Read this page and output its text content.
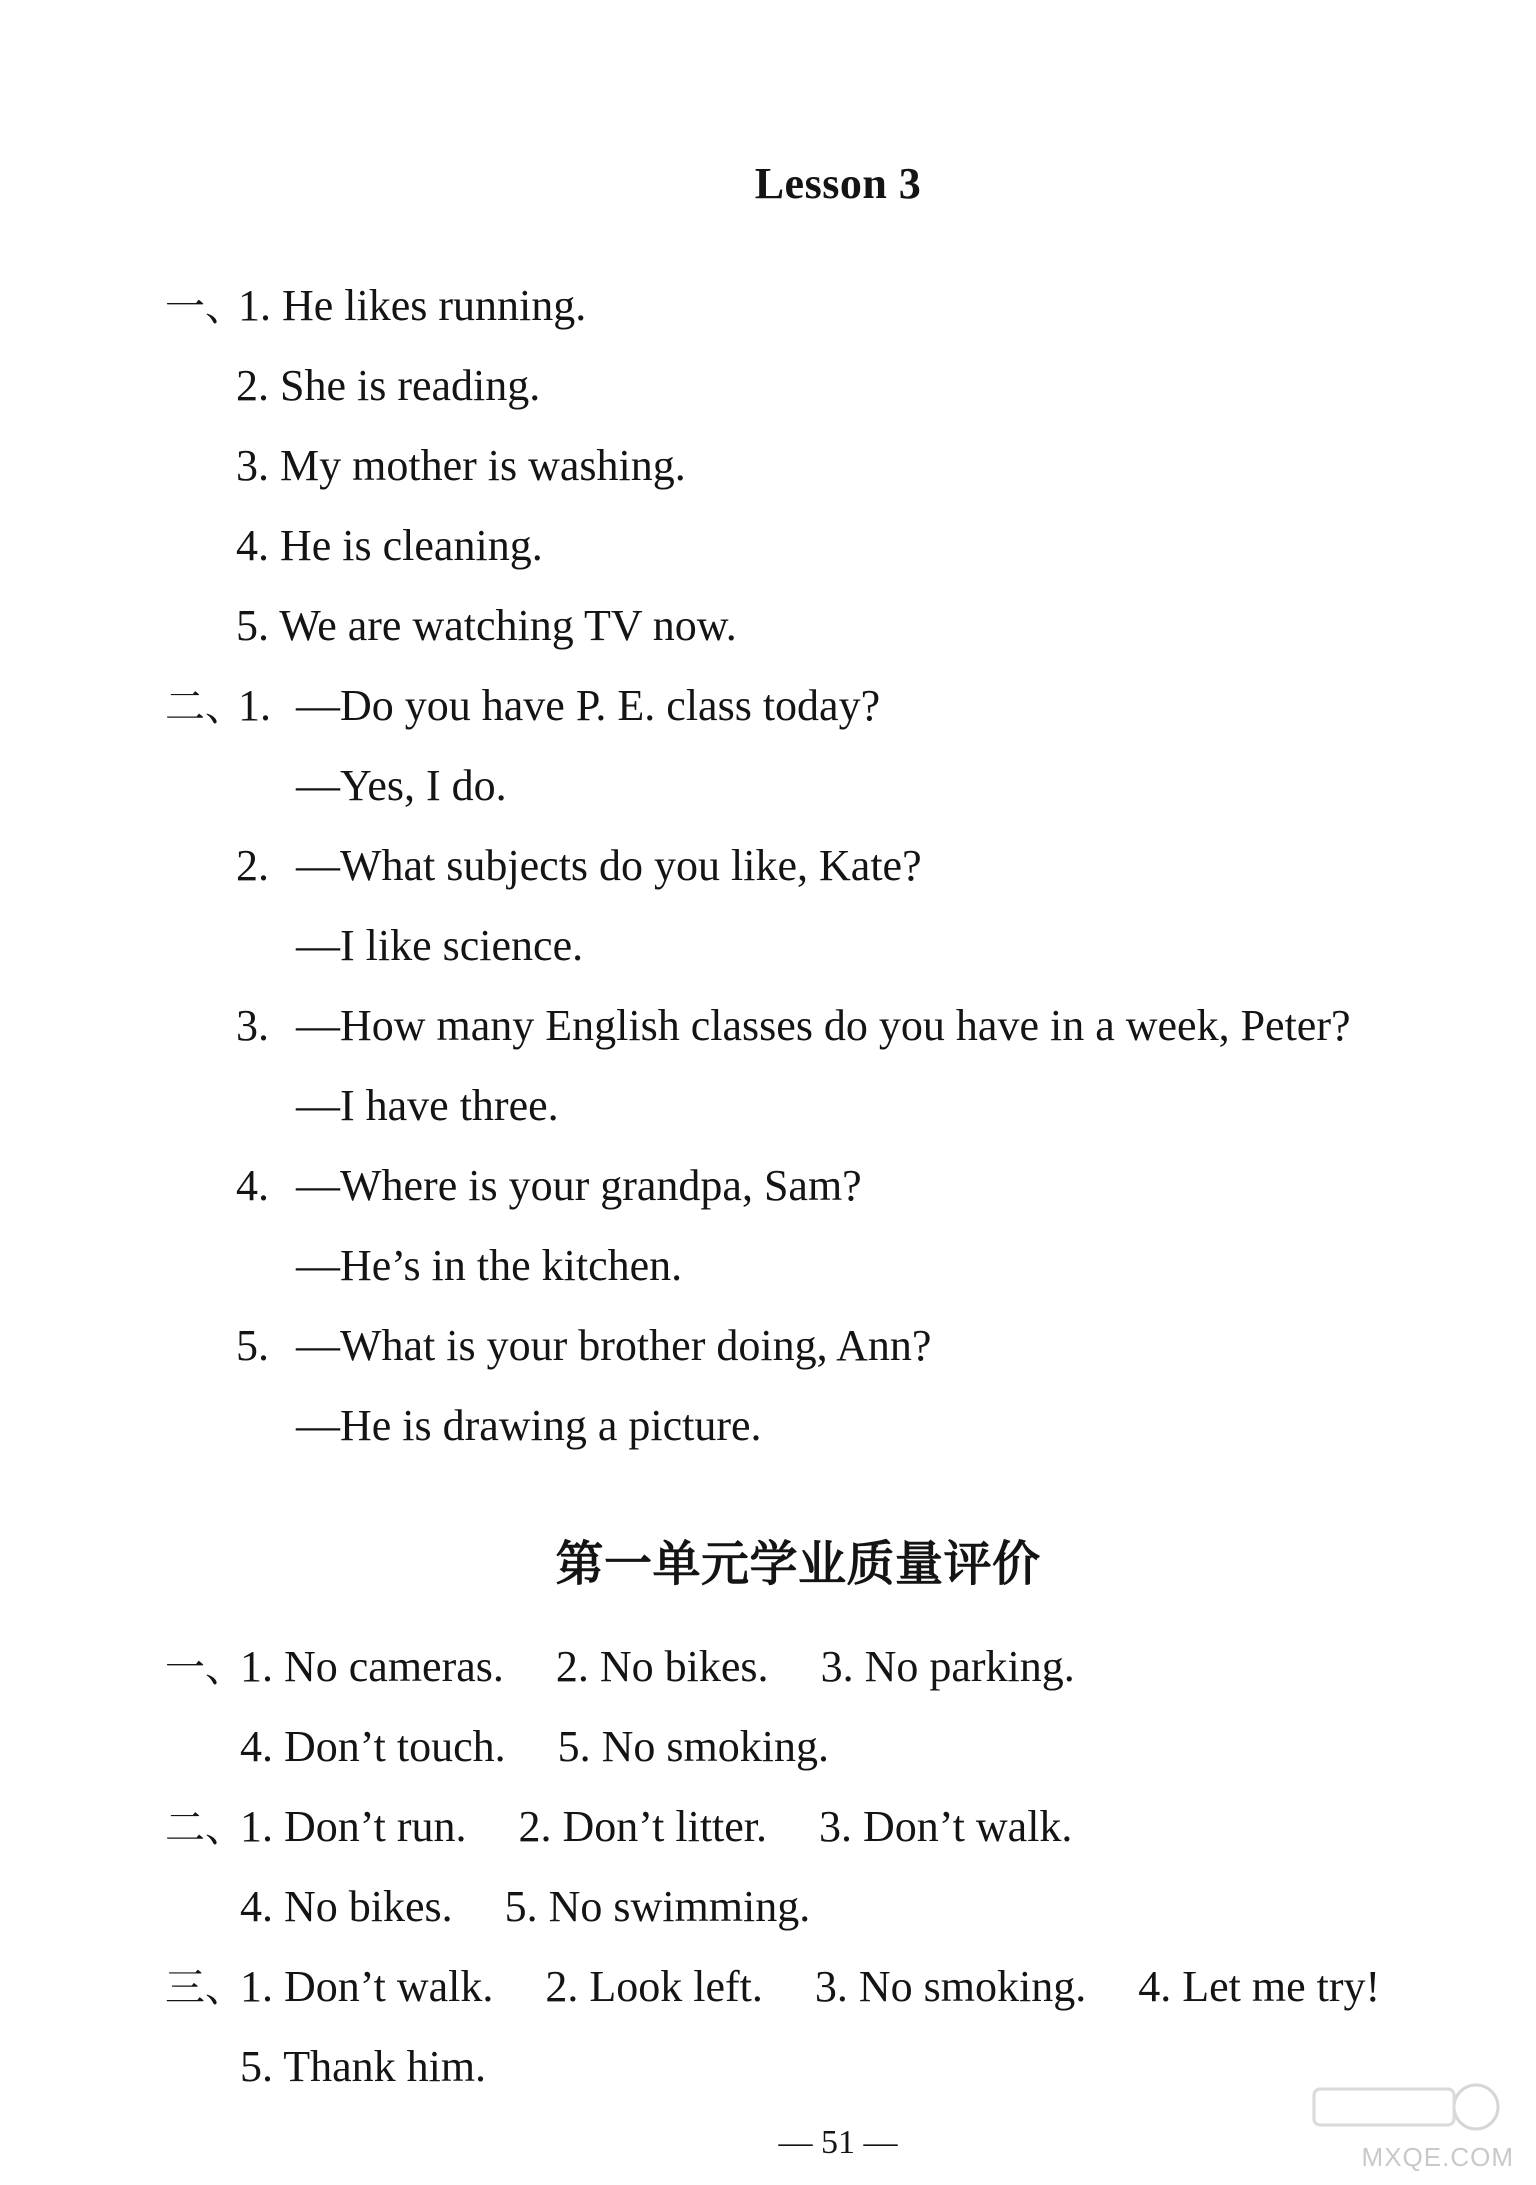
Lesson 3
一、
1. He likes running.
2. She is reading.
3. My mother is washing.
4. He is cleaning.
5. We are watching TV now.
二、
1. —Do you have P. E. class today?
—Yes, I do.
2. —What subjects do you like, Kate?
—I like science.
3. —How many English classes do you have in a week, Peter?
—I have three.
4. —Where is your grandpa, Sam?
—He’s in the kitchen.
5. —What is your brother doing, Ann?
—He is drawing a picture.
第一单元学业质量评价
一、
1. No cameras. 2. No bikes. 3. No parking.
4. Don’t touch. 5. No smoking.
二、
1. Don’t run. 2. Don’t litter. 3. Don’t walk.
4. No bikes. 5. No swimming.
三、
1. Don’t walk. 2. Look left. 3. No smoking. 4. Let me try!
5. Thank him.
— 51 —	MXQE.COM
